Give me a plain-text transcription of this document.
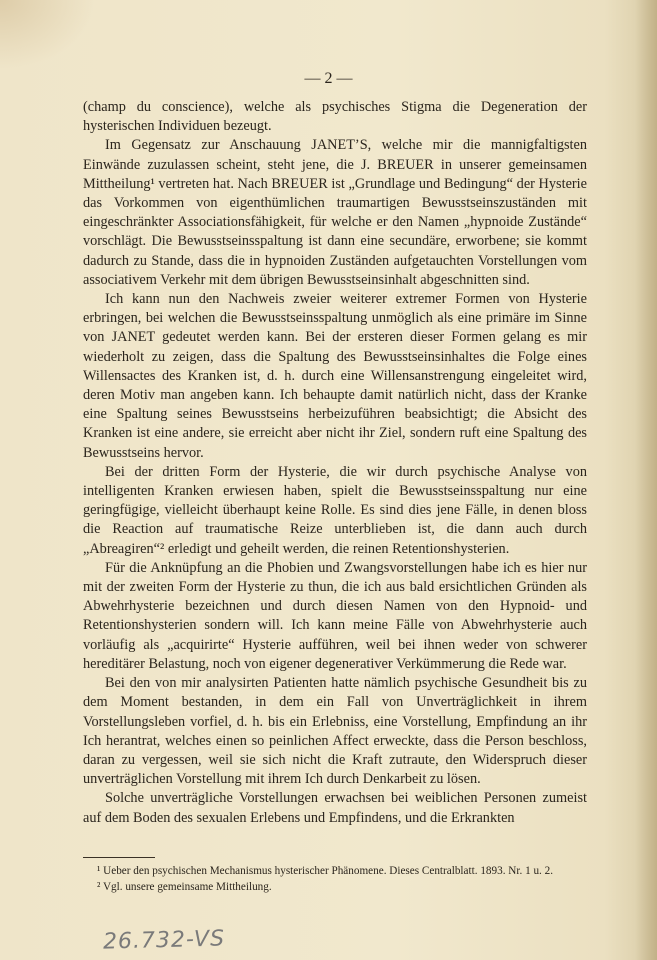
— 2 —

(champ du conscience), welche als psychisches Stigma die Degeneration der hysterischen Individuen bezeugt.

Im Gegensatz zur Anschauung JANET’S, welche mir die mannigfaltigsten Einwände zuzulassen scheint, steht jene, die J. BREUER in unserer gemeinsamen Mittheilung¹ vertreten hat. Nach BREUER ist „Grundlage und Bedingung“ der Hysterie das Vorkommen von eigenthümlichen traumartigen Bewusstseinszuständen mit eingeschränkter Associationsfähigkeit, für welche er den Namen „hypnoide Zustände“ vorschlägt. Die Bewusstseinsspaltung ist dann eine secundäre, erworbene; sie kommt dadurch zu Stande, dass die in hypnoiden Zuständen aufgetauchten Vorstellungen vom associativem Verkehr mit dem übrigen Bewusstseinsinhalt abgeschnitten sind.

Ich kann nun den Nachweis zweier weiterer extremer Formen von Hysterie erbringen, bei welchen die Bewusstseinsspaltung unmöglich als eine primäre im Sinne von JANET gedeutet werden kann. Bei der ersteren dieser Formen gelang es mir wiederholt zu zeigen, dass die Spaltung des Bewusstseinsinhaltes die Folge eines Willensactes des Kranken ist, d. h. durch eine Willensanstrengung eingeleitet wird, deren Motiv man angeben kann. Ich behaupte damit natürlich nicht, dass der Kranke eine Spaltung seines Bewusstseins herbeizuführen beabsichtigt; die Absicht des Kranken ist eine andere, sie erreicht aber nicht ihr Ziel, sondern ruft eine Spaltung des Bewusstseins hervor.

Bei der dritten Form der Hysterie, die wir durch psychische Analyse von intelligenten Kranken erwiesen haben, spielt die Bewusstseinsspaltung nur eine geringfügige, vielleicht überhaupt keine Rolle. Es sind dies jene Fälle, in denen bloss die Reaction auf traumatische Reize unterblieben ist, die dann auch durch „Abreagiren“² erledigt und geheilt werden, die reinen Retentionshysterien.

Für die Anknüpfung an die Phobien und Zwangsvorstellungen habe ich es hier nur mit der zweiten Form der Hysterie zu thun, die ich aus bald ersichtlichen Gründen als Abwehrhysterie bezeichnen und durch diesen Namen von den Hypnoid- und Retentionshysterien sondern will. Ich kann meine Fälle von Abwehrhysterie auch vorläufig als „acquirirte“ Hysterie aufführen, weil bei ihnen weder von schwerer hereditärer Belastung, noch von eigener degenerativer Verkümmerung die Rede war.

Bei den von mir analysirten Patienten hatte nämlich psychische Gesundheit bis zu dem Moment bestanden, in dem ein Fall von Unverträglichkeit in ihrem Vorstellungsleben vorfiel, d. h. bis ein Erlebniss, eine Vorstellung, Empfindung an ihr Ich herantrat, welches einen so peinlichen Affect erweckte, dass die Person beschloss, daran zu vergessen, weil sie sich nicht die Kraft zutraute, den Widerspruch dieser unverträglichen Vorstellung mit ihrem Ich durch Denkarbeit zu lösen.

Solche unverträgliche Vorstellungen erwachsen bei weiblichen Personen zumeist auf dem Boden des sexualen Erlebens und Empfindens, und die Erkrankten

¹ Ueber den psychischen Mechanismus hysterischer Phänomene. Dieses Centralblatt. 1893. Nr. 1 u. 2.

² Vgl. unsere gemeinsame Mittheilung.

26.732-VS
